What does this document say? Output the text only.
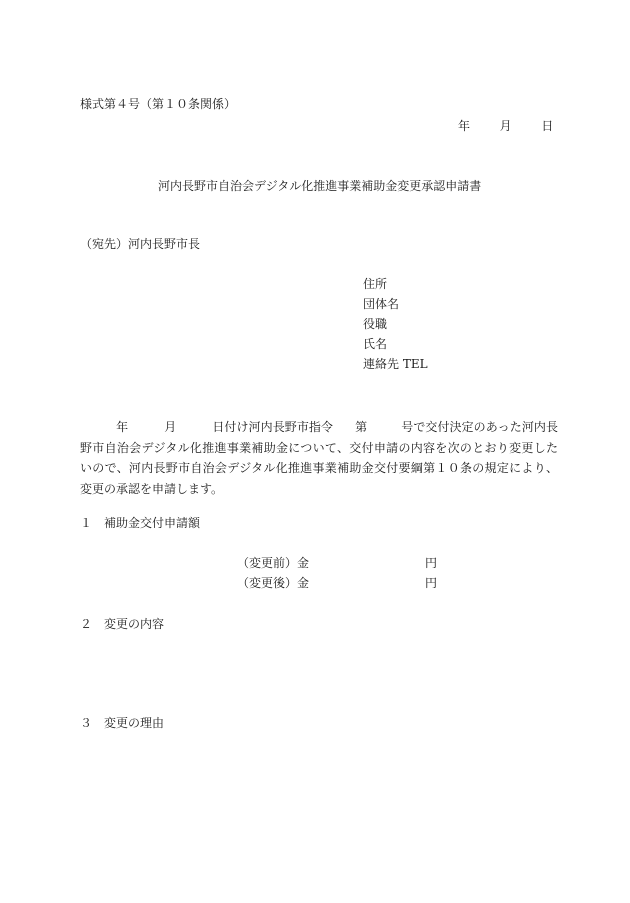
様式第４号（第１０条関係）
年 月 日
河内長野市自治会デジタル化推進事業補助金変更承認申請書
（宛先）河内長野市長
住所
団体名
役職
氏名
連絡先 TEL
年	月	日付け河内長野市指令 第	号で交付決定のあった河内長野市自治会デジタル化推進事業補助金について、交付申請の内容を次のとおり変更したいので、河内長野市自治会デジタル化推進事業補助金交付要綱第１０条の規定により、変更の承認を申請します。
１ 補助金交付申請額
（変更前）金	円
（変更後）金	円
２ 変更の内容
３ 変更の理由
